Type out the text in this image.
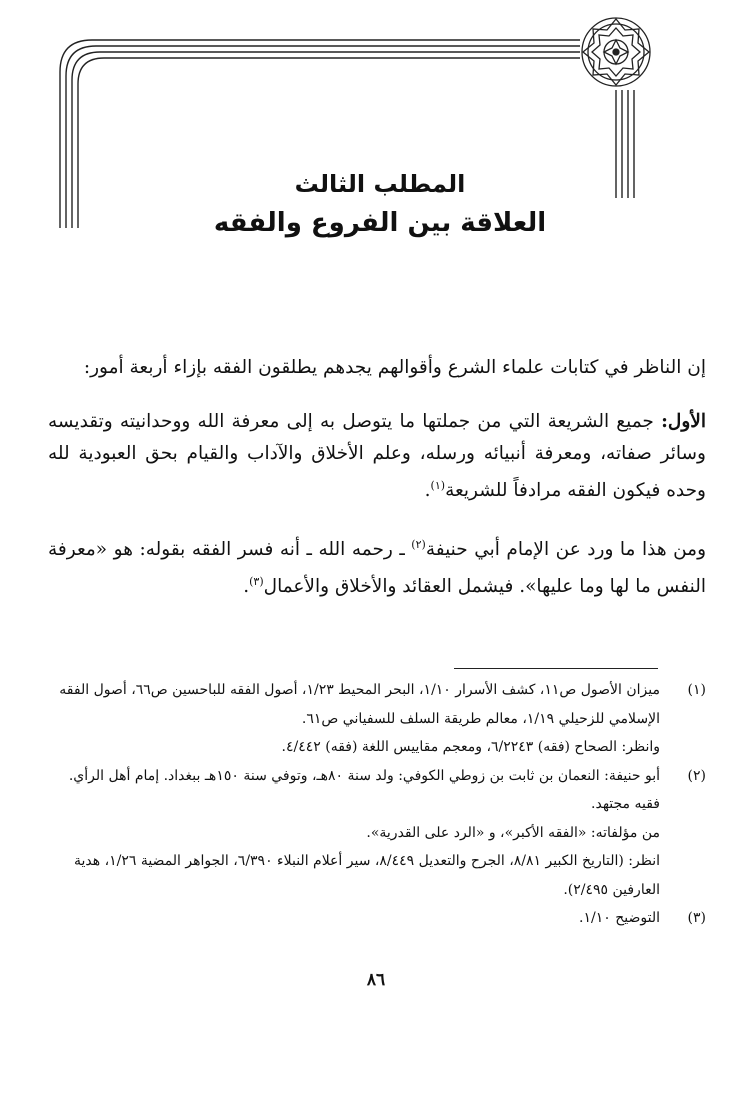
المطلب الثالث
العلاقة بين الفروع والفقه

إن الناظر في كتابات علماء الشرع وأقوالهم يجدهم يطلقون الفقه بإزاء أربعة أمور:

الأول: جميع الشريعة التي من جملتها ما يتوصل به إلى معرفة الله ووحدانيته وتقديسه وسائر صفاته، ومعرفة أنبيائه ورسله، وعلم الأخلاق والآداب والقيام بحق العبودية لله وحده فيكون الفقه مرادفاً للشريعة$^{(١)}$.

ومن هذا ما ورد عن الإمام أبي حنيفة$^{(٢)}$ ـ رحمه الله ـ أنه فسر الفقه بقوله: هو «معرفة النفس ما لها وما عليها». فيشمل العقائد والأخلاق والأعمال$^{(٣)}$.

(١)
ميزان الأصول ص١١، كشف الأسرار ١/١٠، البحر المحيط ١/٢٣، أصول الفقه للباحسين ص٦٦، أصول الفقه الإسلامي للزحيلي ١/١٩، معالم طريقة السلف للسفياني ص٦١.
وانظر: الصحاح (فقه) ٦/٢٢٤٣، ومعجم مقاييس اللغة (فقه) ٤/٤٤٢.
(٢)
أبو حنيفة: النعمان بن ثابت بن زوطي الكوفي: ولد سنة ٨٠هـ، وتوفي سنة ١٥٠هـ ببغداد. إمام أهل الرأي. فقيه مجتهد.
من مؤلفاته: «الفقه الأكبر»، و «الرد على القدرية».
انظر: (التاريخ الكبير ٨/٨١، الجرح والتعديل ٨/٤٤٩، سير أعلام النبلاء ٦/٣٩٠، الجواهر المضية ١/٢٦، هدية العارفين ٢/٤٩٥).
(٣)
التوضيح ١/١٠.
٨٦
